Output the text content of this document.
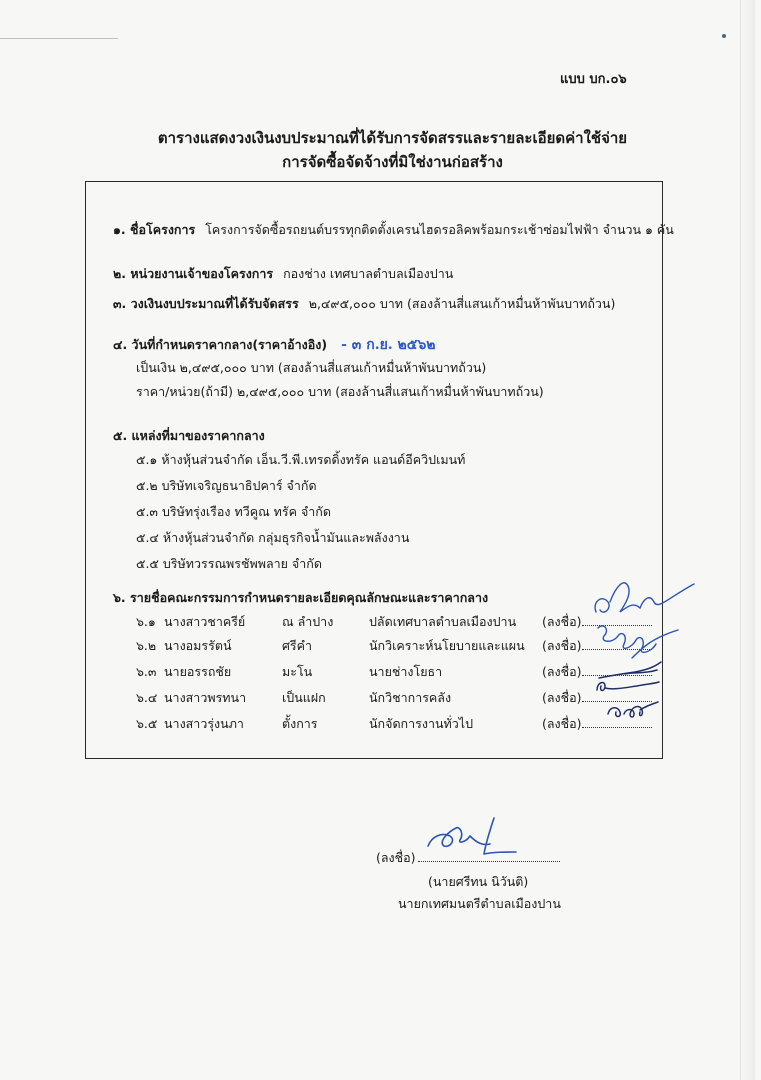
แบบ บก.๐๖
ตารางแสดงวงเงินงบประมาณที่ได้รับการจัดสรรและรายละเอียดค่าใช้จ่าย
การจัดซื้อจัดจ้างที่มิใช่งานก่อสร้าง
๑. ชื่อโครงการ โครงการจัดซื้อรถยนต์บรรทุกติดตั้งเครนไฮดรอลิคพร้อมกระเช้าซ่อมไฟฟ้า จำนวน ๑ คัน
๒. หน่วยงานเจ้าของโครงการ กองช่าง เทศบาลตำบลเมืองปาน
๓. วงเงินงบประมาณที่ได้รับจัดสรร ๒,๔๙๕,๐๐๐ บาท (สองล้านสี่แสนเก้าหมื่นห้าพันบาทถ้วน)
๔. วันที่กำหนดราคากลาง(ราคาอ้างอิง) - ๓ ก.ย. ๒๕๖๒
เป็นเงิน ๒,๔๙๕,๐๐๐ บาท (สองล้านสี่แสนเก้าหมื่นห้าพันบาทถ้วน)
ราคา/หน่วย(ถ้ามี) ๒,๔๙๕,๐๐๐ บาท (สองล้านสี่แสนเก้าหมื่นห้าพันบาทถ้วน)
๕. แหล่งที่มาของราคากลาง
๕.๑ ห้างหุ้นส่วนจำกัด เอ็น.วี.พี.เทรดดิ้งทรัค แอนด์อีควิปเมนท์
๕.๒ บริษัทเจริญธนาธิปคาร์ จำกัด
๕.๓ บริษัทรุ่งเรือง ทวีคูณ ทรัค จำกัด
๕.๔ ห้างหุ้นส่วนจำกัด กลุ่มธุรกิจน้ำมันและพลังงาน
๕.๕ บริษัทวรรณพรชัพพลาย จำกัด
๖. รายชื่อคณะกรรมการกำหนดรายละเอียดคุณลักษณะและราคากลาง
๖.๑ นางสาวชาครีย์	ณ ลำปาง	ปลัดเทศบาลตำบลเมืองปาน (ลงชื่อ)
๖.๒ นางอมรรัตน์	ศรีคำ	นักวิเคราะห์นโยบายและแผน (ลงชื่อ)
๖.๓ นายอรรถชัย	มะโน	นายช่างโยธา	(ลงชื่อ)
๖.๔ นางสาวพรทนา	เป็นแฝก	นักวิชาการคลัง	(ลงชื่อ)
๖.๕ นางสาวรุ่งนภา	ตั้งการ	นักจัดการงานทั่วไป	(ลงชื่อ)
(ลงชื่อ)
(นายศรีทน นิวันติ)
นายกเทศมนตรีตำบลเมืองปาน
